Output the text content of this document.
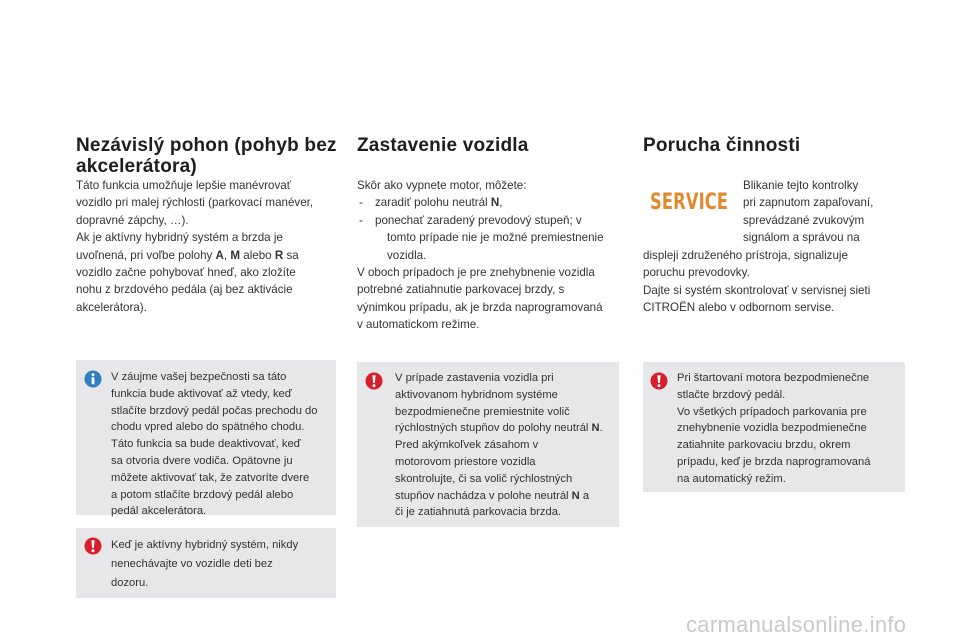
Nezávislý pohon (pohyb bez akcelerátora)

Táto funkcia umožňuje lepšie manévrovať

vozidlo pri malej rýchlosti (parkovací manéver,

dopravné zápchy, …).

Ak je aktívny hybridný systém a brzda je

uvoľnená, pri voľbe polohy A, M alebo R sa

vozidlo začne pohybovať hneď, ako zložíte

nohu z brzdového pedála (aj bez aktivácie

akcelerátora).

V záujme vašej bezpečnosti sa táto

funkcia bude aktivovať až vtedy, keď

stlačíte brzdový pedál počas prechodu do

chodu vpred alebo do spätného chodu.

Táto funkcia sa bude deaktivovať, keď

sa otvoria dvere vodiča. Opätovne ju

môžete aktivovať tak, že zatvoríte dvere

a potom stlačíte brzdový pedál alebo

pedál akcelerátora.

Keď je aktívny hybridný systém, nikdy

nenechávajte vo vozidle deti bez

dozoru.

Zastavenie vozidla

Skôr ako vypnete motor, môžete:

- zaradiť polohu neutrál N,
- ponechať zaradený prevodový stupeň; v
tomto prípade nie je možné premiestnenie
vozidla.

V oboch prípadoch je pre znehybnenie vozidla

potrebné zatiahnutie parkovacej brzdy, s

výnimkou prípadu, ak je brzda naprogramovaná

v automatickom režime.

V prípade zastavenia vozidla pri

aktivovanom hybridnom systéme

bezpodmienečne premiestnite volič

rýchlostných stupňov do polohy neutrál N.

Pred akýmkoľvek zásahom v

motorovom priestore vozidla

skontrolujte, či sa volič rýchlostných

stupňov nachádza v polohe neutrál N a

či je zatiahnutá parkovacia brzda.

Porucha činnosti
SERVICE

Blikanie tejto kontrolky

pri zapnutom zapaľovaní,

sprevádzané zvukovým

signálom a správou na

displeji združeného prístroja, signalizuje

poruchu prevodovky.

Dajte si systém skontrolovať v servisnej sieti

CITROËN alebo v odbornom servise.

Pri štartovaní motora bezpodmienečne

stlačte brzdový pedál.

Vo všetkých prípadoch parkovania pre

znehybnenie vozidla bezpodmienečne

zatiahnite parkovaciu brzdu, okrem

prípadu, keď je brzda naprogramovaná

na automatický režim.

carmanualsonline.info
